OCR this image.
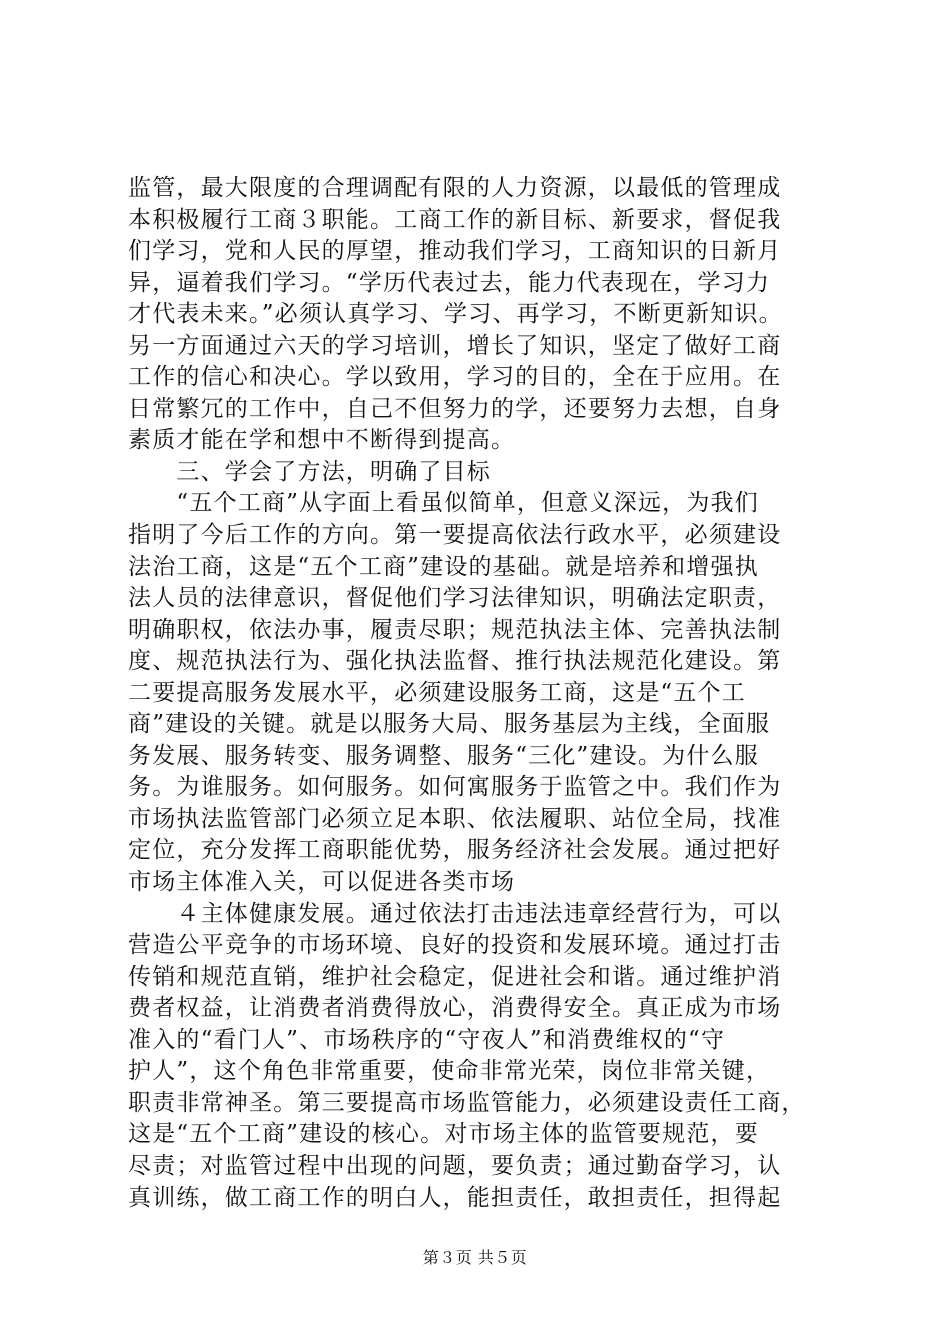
监管，最大限度的合理调配有限的人力资源，以最低的管理成
本积极履行工商３职能。工商工作的新目标、新要求，督促我
们学习，党和人民的厚望，推动我们学习，工商知识的日新月
异，逼着我们学习。“学历代表过去，能力代表现在，学习力
才代表未来。”必须认真学习、学习、再学习，不断更新知识。
另一方面通过六天的学习培训，增长了知识，坚定了做好工商
工作的信心和决心。学以致用，学习的目的，全在于应用。在
日常繁冗的工作中，自己不但努力的学，还要努力去想，自身
素质才能在学和想中不断得到提高。
　　三、学会了方法，明确了目标
　　“五个工商”从字面上看虽似简单，但意义深远，为我们
指明了今后工作的方向。第一要提高依法行政水平，必须建设
法治工商，这是“五个工商”建设的基础。就是培养和增强执
法人员的法律意识，督促他们学习法律知识，明确法定职责，
明确职权，依法办事，履责尽职；规范执法主体、完善执法制
度、规范执法行为、强化执法监督、推行执法规范化建设。第
二要提高服务发展水平，必须建设服务工商，这是“五个工
商”建设的关键。就是以服务大局、服务基层为主线，全面服
务发展、服务转变、服务调整、服务“三化”建设。为什么服
务。为谁服务。如何服务。如何寓服务于监管之中。我们作为
市场执法监管部门必须立足本职、依法履职、站位全局，找准
定位，充分发挥工商职能优势，服务经济社会发展。通过把好
市场主体准入关，可以促进各类市场
　　４主体健康发展。通过依法打击违法违章经营行为，可以
营造公平竞争的市场环境、良好的投资和发展环境。通过打击
传销和规范直销，维护社会稳定，促进社会和谐。通过维护消
费者权益，让消费者消费得放心，消费得安全。真正成为市场
准入的“看门人”、市场秩序的“守夜人”和消费维权的“守
护人”，这个角色非常重要，使命非常光荣，岗位非常关键，
职责非常神圣。第三要提高市场监管能力，必须建设责任工商，
这是“五个工商”建设的核心。对市场主体的监管要规范，要
尽责；对监管过程中出现的问题，要负责；通过勤奋学习，认
真训练，做工商工作的明白人，能担责任，敢担责任，担得起
第３页 共５页
